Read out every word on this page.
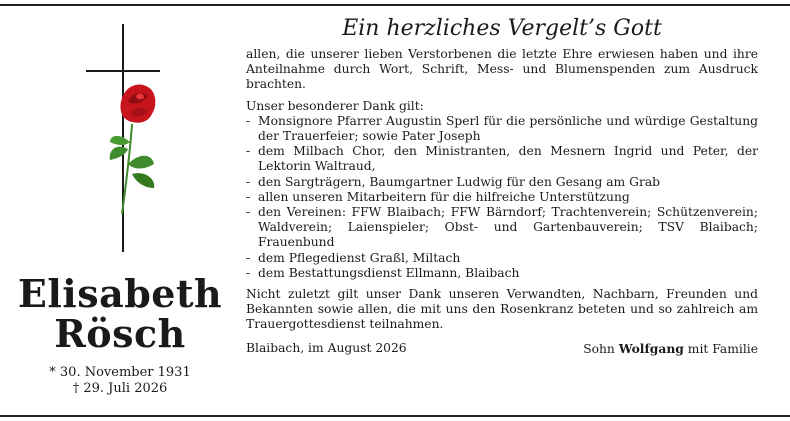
Elisabeth
Rösch
* 30. November 1931
† 29. Juli 2026
Ein herzliches Vergelt’s Gott

allen, die unserer lieben Verstorbenen die letzte Ehre erwiesen haben und ihre Anteilnahme durch Wort, Schrift, Mess- und Blumenspenden zum Ausdruck brachten.

Unser besonderer Dank gilt:

- Monsignore Pfarrer Augustin Sperl für die persönliche und würdige Gestaltung der Trauerfeier; sowie Pater Joseph
- dem Milbach Chor, den Ministranten, den Mesnern Ingrid und Peter, der Lektorin Waltraud,
- den Sargträgern, Baumgartner Ludwig für den Gesang am Grab
- allen unseren Mitarbeitern für die hilfreiche Unterstützung
- den Vereinen: FFW Blaibach; FFW Bärndorf; Trachtenverein; Schützenverein; Waldverein; Laienspieler; Obst- und Gartenbauverein; TSV Blaibach; Frauenbund
- dem Pflegedienst Graßl, Miltach
- dem Bestattungsdienst Ellmann, Blaibach

Nicht zuletzt gilt unser Dank unseren Verwandten, Nachbarn, Freunden und Bekannten sowie allen, die mit uns den Rosenkranz beteten und so zahlreich am Trauergottesdienst teilnahmen.

Blaibach, im August 2026	Sohn Wolfgang mit Familie
